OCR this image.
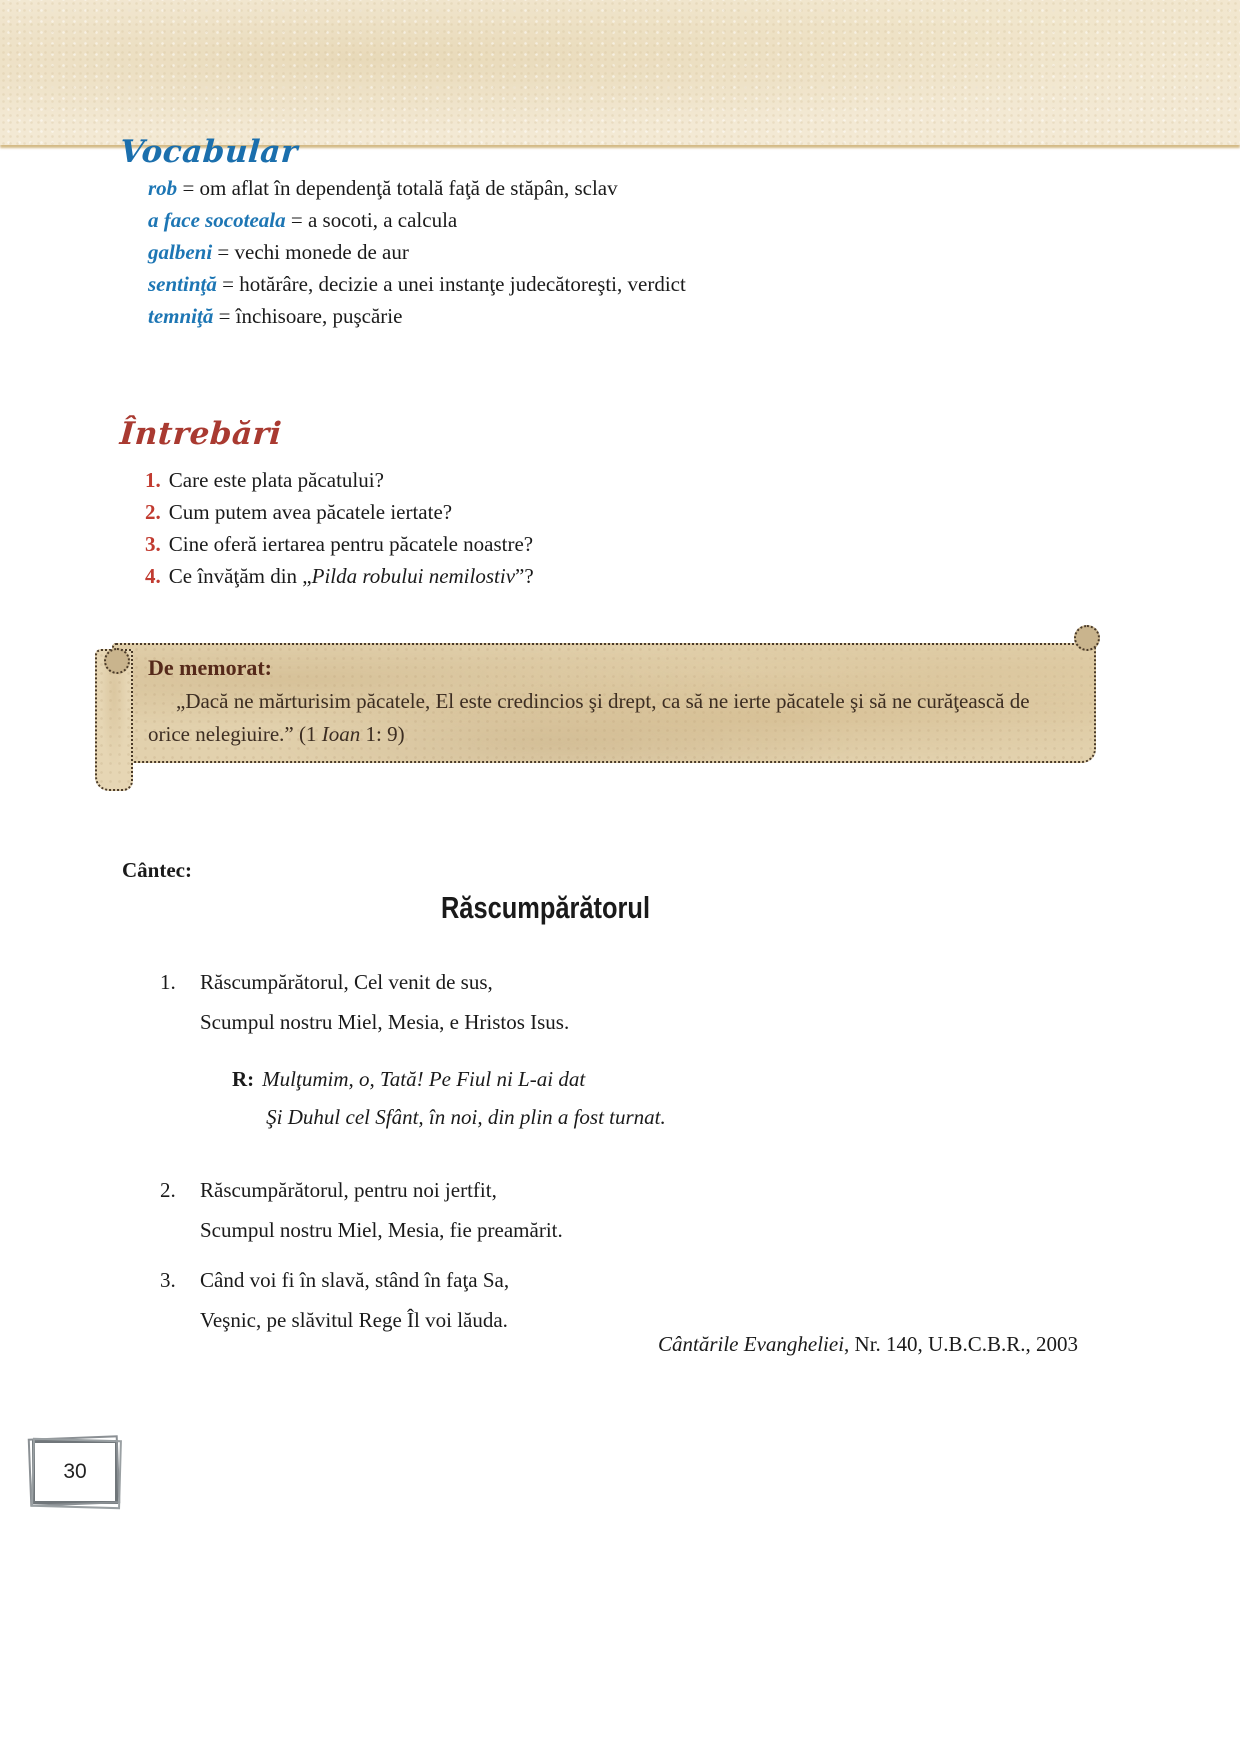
Vocabular
rob = om aflat în dependenţă totală faţă de stăpân, sclav
a face socoteala = a socoti, a calcula
galbeni = vechi monede de aur
sentinţă = hotărâre, decizie a unei instanţe judecătoreşti, verdict
temniţă = închisoare, puşcărie
Întrebări
1. Care este plata păcatului?
2. Cum putem avea păcatele iertate?
3. Cine oferă iertarea pentru păcatele noastre?
4. Ce învăţăm din „Pilda robului nemilostiv”?
De memorat:

„Dacă ne mărturisim păcatele, El este credincios şi drept, ca să ne ierte păcatele şi să ne curăţească de orice nelegiuire.” (1 Ioan 1: 9)

Cântec:
Răscumpărătorul
1. Răscumpărătorul, Cel venit de sus,
Scumpul nostru Miel, Mesia, e Hristos Isus.
R: Mulţumim, o, Tată! Pe Fiul ni L-ai dat
Şi Duhul cel Sfânt, în noi, din plin a fost turnat.
2. Răscumpărătorul, pentru noi jertfit,
Scumpul nostru Miel, Mesia, fie preamărit.
3. Când voi fi în slavă, stând în faţa Sa,
Veşnic, pe slăvitul Rege Îl voi lăuda.
Cântările Evangheliei, Nr. 140, U.B.C.B.R., 2003
30
